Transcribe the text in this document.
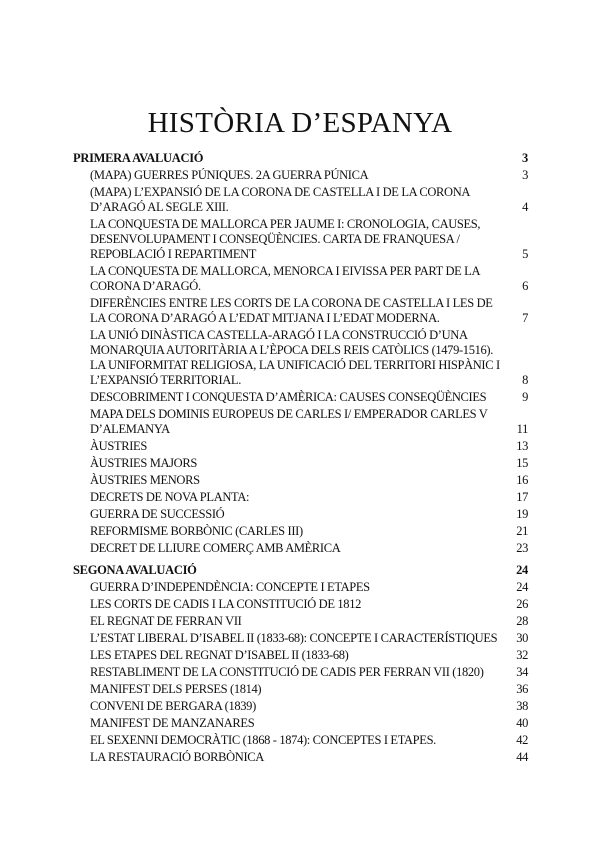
HISTÒRIA D’ESPANYA
PRIMERA AVALUACIÓ	3
(MAPA) GUERRES PÚNIQUES. 2A GUERRA PÚNICA	3
(MAPA) L’EXPANSIÓ DE LA CORONA DE CASTELLA I DE LA CORONA D’ARAGÓ AL SEGLE XIII.	4
LA CONQUESTA DE MALLORCA PER JAUME I: CRONOLOGIA, CAUSES, DESENVOLUPAMENT I CONSEQÜÈNCIES. CARTA DE FRANQUESA / REPOBLACIÓ I REPARTIMENT	5
LA CONQUESTA DE MALLORCA, MENORCA I EIVISSA PER PART DE LA CORONA D’ARAGÓ.	6
DIFERÈNCIES ENTRE LES CORTS DE LA CORONA DE CASTELLA I LES DE LA CORONA D’ARAGÓ A L’EDAT MITJANA I L’EDAT MODERNA.	7
LA UNIÓ DINÀSTICA CASTELLA-ARAGÓ I LA CONSTRUCCIÓ D’UNA MONARQUIA AUTORITÀRIA A L’ÈPOCA DELS REIS CATÒLICS (1479-1516). LA UNIFORMITAT RELIGIOSA, LA UNIFICACIÓ DEL TERRITORI HISPÀNIC I L’EXPANSIÓ TERRITORIAL.	8
DESCOBRIMENT I CONQUESTA D’AMÈRICA: CAUSES CONSEQÜÈNCIES	9
MAPA DELS DOMINIS EUROPEUS DE CARLES I/ EMPERADOR CARLES V D’ALEMANYA	11
ÀUSTRIES	13
ÀUSTRIES MAJORS	15
ÀUSTRIES MENORS	16
DECRETS DE NOVA PLANTA:	17
GUERRA DE SUCCESSIÓ	19
REFORMISME BORBÒNIC (CARLES III)	21
DECRET DE LLIURE COMERÇ AMB AMÈRICA	23
SEGONA AVALUACIÓ	24
GUERRA D’INDEPENDÈNCIA: CONCEPTE I ETAPES	24
LES CORTS DE CADIS I LA CONSTITUCIÓ DE 1812	26
EL REGNAT DE FERRAN VII	28
L’ESTAT LIBERAL D’ISABEL II (1833-68): CONCEPTE I CARACTERÍSTIQUES	30
LES ETAPES DEL REGNAT D’ISABEL II (1833-68)	32
RESTABLIMENT DE LA CONSTITUCIÓ DE CADIS PER FERRAN VII (1820)	34
MANIFEST DELS PERSES (1814)	36
CONVENI DE BERGARA (1839)	38
MANIFEST DE MANZANARES	40
EL SEXENNI DEMOCRÀTIC (1868 - 1874): CONCEPTES I ETAPES.	42
LA RESTAURACIÓ BORBÒNICA	44
